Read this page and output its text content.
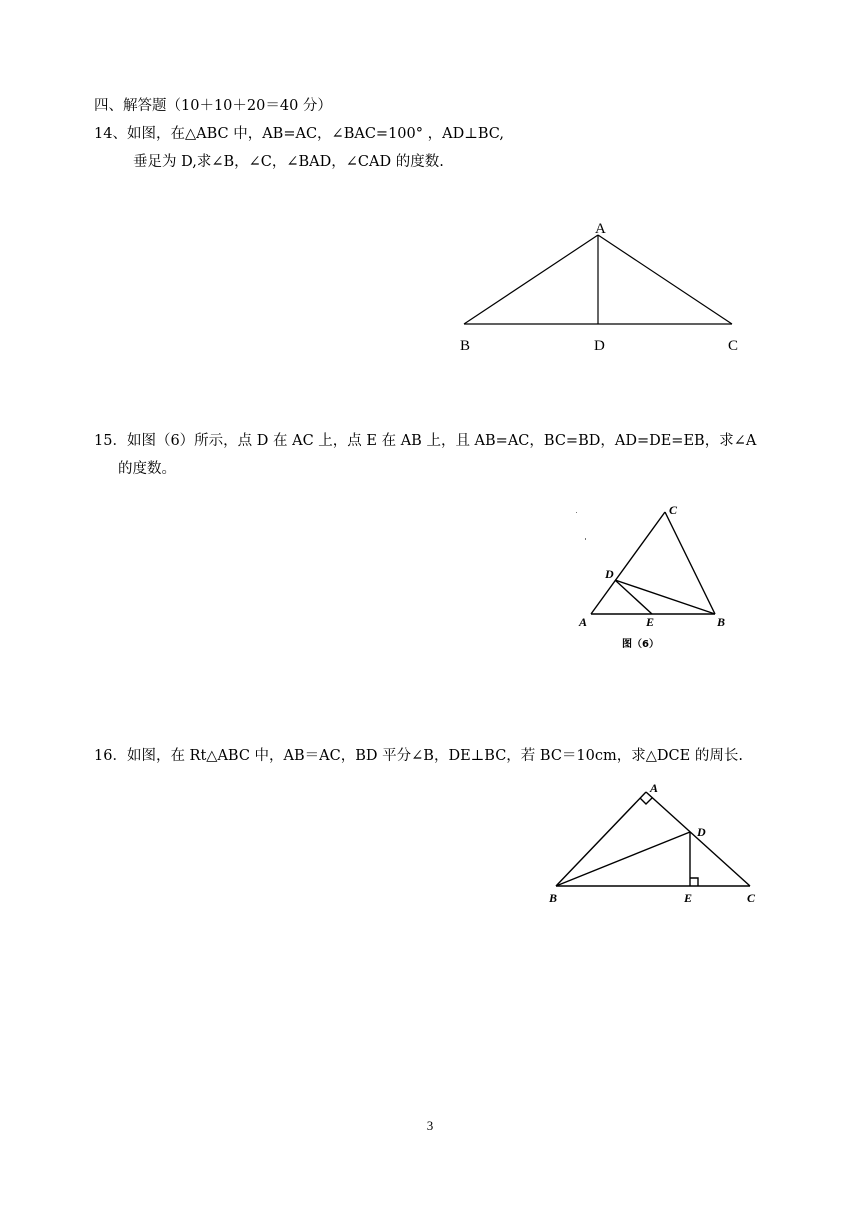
四、解答题（10＋10＋20＝40 分）
14、如图，在△ABC 中，AB=AC，∠BAC=100° ，AD⊥BC,
垂足为 D,求∠B，∠C，∠BAD，∠CAD 的度数.
A
B	D	C
15．如图（6）所示，点 D 在 AC 上，点 E 在 AB 上，且 AB=AC，BC=BD，AD=DE=EB，求∠A
的度数。
C
D
A	E	B
图（6）
16．如图，在 Rt△ABC 中，AB＝AC，BD 平分∠B，DE⊥BC，若 BC＝10cm，求△DCE 的周长.
A
D
B	E	C
3
